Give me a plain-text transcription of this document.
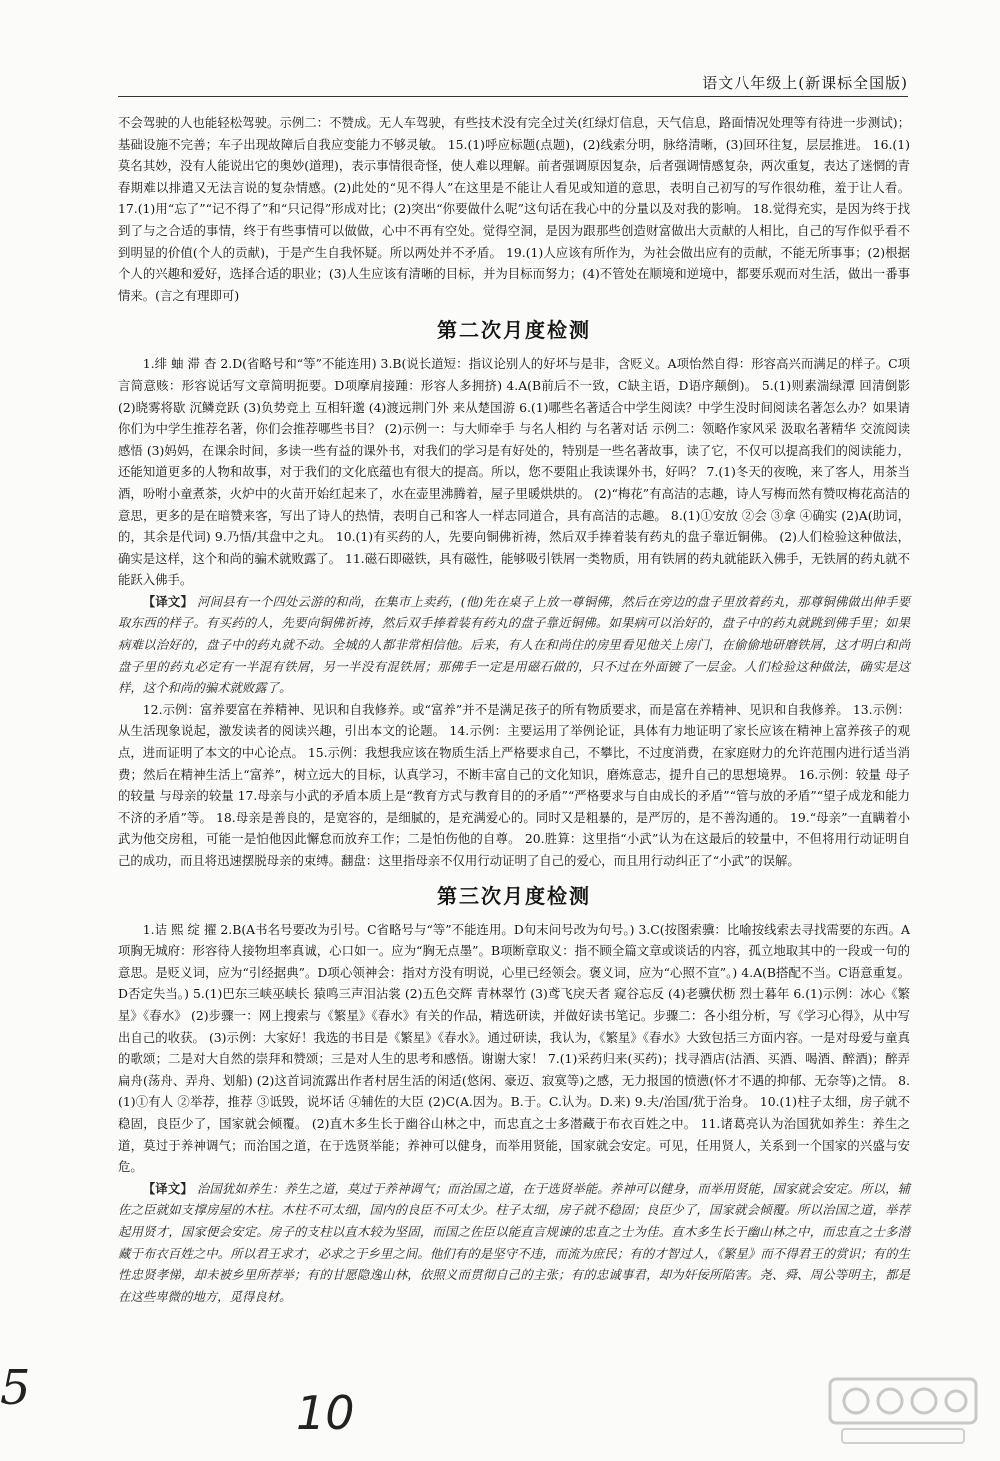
语文八年级上(新课标全国版)

不会驾驶的人也能轻松驾驶。示例二：不赞成。无人车驾驶，有些技术没有完全过关(红绿灯信息，天气信息，路面情况处理等有待进一步测试)；基础设施不完善；车子出现故障后自我应变能力不够灵敏。 15.(1)呼应标题(点题)，(2)线索分明，脉络清晰，(3)回环往复，层层推进。 16.(1)莫名其妙，没有人能说出它的奥妙(道理)，表示事情很奇怪，使人难以理解。前者强调原因复杂，后者强调情感复杂，两次重复，表达了迷惘的青春期难以排遣又无法言说的复杂情感。(2)此处的“见不得人”在这里是不能让人看见或知道的意思，表明自己初写的写作很幼稚，羞于让人看。 17.(1)用“忘了”“记不得了”和“只记得”形成对比；(2)突出“你要做什么呢”这句话在我心中的分量以及对我的影响。 18.觉得充实，是因为终于找到了与之合适的事情，终于有些事情可以做做，心中不再有空处。觉得空洞，是因为跟那些创造财富做出大贡献的人相比，自己的写作似乎看不到明显的价值(个人的贡献)，于是产生自我怀疑。所以两处并不矛盾。 19.(1)人应该有所作为，为社会做出应有的贡献，不能无所事事；(2)根据个人的兴趣和爱好，选择合适的职业；(3)人生应该有清晰的目标，并为目标而努力；(4)不管处在顺境和逆境中，都要乐观而对生活，做出一番事情来。(言之有理即可)

第二次月度检测

1.绯 蚰 滞 杳 2.D(省略号和“等”不能连用) 3.B(说长道短：指议论别人的好坏与是非，含贬义。A项怡然自得：形容高兴而满足的样子。C项言简意赅：形容说话写文章简明扼要。D项摩肩接踵：形容人多拥挤) 4.A(B前后不一致，C缺主语，D语序颠倒)。 5.(1)则素湍绿潭 回清倒影 (2)晓雾将歇 沉鳞竞跃 (3)负势竞上 互相轩邈 (4)渡远荆门外 来从楚国游 6.(1)哪些名著适合中学生阅读？中学生没时间阅读名著怎么办？如果请你们为中学生推荐名著，你们会推荐哪些书目？ (2)示例一：与大师牵手 与名人相约 与名著对话 示例二：领略作家风采 汲取名著精华 交流阅读感悟 (3)妈妈，在课余时间，多读一些有益的课外书，对我们的学习是有好处的，特别是一些名著故事，读了它，不仅可以提高我们的阅读能力，还能知道更多的人物和故事，对于我们的文化底蕴也有很大的提高。所以，您不要阻止我读课外书，好吗？ 7.(1)冬天的夜晚，来了客人，用茶当酒，吩咐小童煮茶，火炉中的火苗开始红起来了，水在壶里沸腾着，屋子里暖烘烘的。 (2)“梅花”有高洁的志趣，诗人写梅而然有赞叹梅花高洁的意思，更多的是在暗赞来客，写出了诗人的热情，表明自己和客人一样志同道合，具有高洁的志趣。 8.(1)①安放 ②会 ③拿 ④确实 (2)A(助词，的，其余是代词) 9.乃悟/其盘中之丸。 10.(1)有买药的人，先要向铜佛祈祷，然后双手捧着装有药丸的盘子靠近铜佛。 (2)人们检验这种做法，确实是这样，这个和尚的骗术就败露了。 11.磁石即磁铁，具有磁性，能够吸引铁屑一类物质，用有铁屑的药丸就能跃入佛手，无铁屑的药丸就不能跃入佛手。

【译文】 河间县有一个四处云游的和尚，在集市上卖药，(他)先在桌子上放一尊铜佛，然后在旁边的盘子里放着药丸，那尊铜佛做出伸手要取东西的样子。有买药的人，先要向铜佛祈祷，然后双手捧着装有药丸的盘子靠近铜佛。如果病可以治好的，盘子中的药丸就跳到佛手里；如果病难以治好的，盘子中的药丸就不动。全城的人都非常相信他。后来，有人在和尚住的房里看见他关上房门，在偷偷地研磨铁屑，这才明白和尚盘子里的药丸必定有一半混有铁屑，另一半没有混铁屑；那佛手一定是用磁石做的，只不过在外面镀了一层金。人们检验这种做法，确实是这样，这个和尚的骗术就败露了。

12.示例：富养要富在养精神、见识和自我修养。或“富养”并不是满足孩子的所有物质要求，而是富在养精神、见识和自我修养。 13.示例：从生活现象说起，激发读者的阅读兴趣，引出本文的论题。 14.示例：主要运用了举例论证，具体有力地证明了家长应该在精神上富养孩子的观点，进而证明了本文的中心论点。 15.示例：我想我应该在物质生活上严格要求自己，不攀比，不过度消费，在家庭财力的允许范围内进行适当消费；然后在精神生活上“富养”，树立远大的目标，认真学习，不断丰富自己的文化知识，磨炼意志，提升自己的思想境界。 16.示例：较量 母子的较量 与母亲的较量 17.母亲与小武的矛盾本质上是“教育方式与教育目的的矛盾”“严格要求与自由成长的矛盾”“管与放的矛盾”“望子成龙和能力不济的矛盾”等。 18.母亲是善良的，是宽容的，是细腻的，是充满爱心的。同时又是粗暴的，是严厉的，是不善沟通的。 19.“母亲”一直瞒着小武为他交房租，可能一是怕他因此懈怠而放弃工作；二是怕伤他的自尊。 20.胜算：这里指“小武”认为在这最后的较量中，不但将用行动证明自己的成功，而且将迅速摆脱母亲的束缚。翻盘：这里指母亲不仅用行动证明了自己的爱心，而且用行动纠正了“小武”的误解。

第三次月度检测

1.诘 熙 绽 擢 2.B(A书名号要改为引号。C省略号与“等”不能连用。D句末问号改为句号。) 3.C(按图索骥：比喻按线索去寻找需要的东西。A项胸无城府：形容待人接物坦率真诚，心口如一。应为“胸无点墨”。B项断章取义：指不顾全篇文章或谈话的内容，孤立地取其中的一段或一句的意思。是贬义词，应为“引经据典”。D项心领神会：指对方没有明说，心里已经领会。褒义词，应为“心照不宣”。) 4.A(B搭配不当。C语意重复。D否定失当。) 5.(1)巴东三峡巫峡长 猿鸣三声泪沾裳 (2)五色交辉 青林翠竹 (3)鸢飞戾天者 窥谷忘反 (4)老骥伏枥 烈士暮年 6.(1)示例：冰心《繁星》《春水》 (2)步骤一：网上搜索与《繁星》《春水》有关的作品，精选研读，并做好读书笔记。步骤二：各小组分析，写《学习心得》，从中写出自己的收获。 (3)示例：大家好！我选的书目是《繁星》《春水》。通过研读，我认为，《繁星》《春水》大致包括三方面内容。一是对母爱与童真的歌颂；二是对大自然的崇拜和赞颂；三是对人生的思考和感悟。谢谢大家！ 7.(1)采药归来(买药)；找寻酒店(沽酒、买酒、喝酒、醉酒)；醉弄扁舟(荡舟、弄舟、划船) (2)这首词流露出作者村居生活的闲适(悠闲、豪迈、寂寞等)之感，无力报国的愤懑(怀才不遇的抑郁、无奈等)之情。 8.(1)①有人 ②举荐，推荐 ③诋毁，说坏话 ④辅佐的大臣 (2)C(A.因为。B.于。C.认为。D.来) 9.夫/治国/犹于治身。 10.(1)柱子太细，房子就不稳固，良臣少了，国家就会倾覆。 (2)直木多生长于幽谷山林之中，而忠直之士多潜藏于布衣百姓之中。 11.诸葛亮认为治国犹如养生：养生之道，莫过于养神调气；而治国之道，在于选贤举能；养神可以健身，而举用贤能，国家就会安定。可见，任用贤人，关系到一个国家的兴盛与安危。

【译文】 治国犹如养生：养生之道，莫过于养神调气；而治国之道，在于选贤举能。养神可以健身，而举用贤能，国家就会安定。所以，辅佐之臣就如支撑房屋的木柱。木柱不可太细，国内的良臣不可太少。柱子太细，房子就不稳固；良臣少了，国家就会倾覆。所以治国之道，举荐起用贤才，国家便会安定。房子的支柱以直木较为坚固，而国之佐臣以能直言规谏的忠直之士为佳。直木多生长于幽山林之中，而忠直之士多潜藏于布衣百姓之中。所以君王求才，必求之于乡里之间。他们有的是坚守不违，而流为庶民；有的才智过人，《繁星》而不得君王的赏识；有的生性忠贤孝悌，却未被乡里所荐举；有的甘愿隐逸山林，依照义而贯彻自己的主张；有的忠诚事君，却为奸佞所陷害。尧、舜、周公等明主，都是在这些卑微的地方，觅得良材。

5	10
